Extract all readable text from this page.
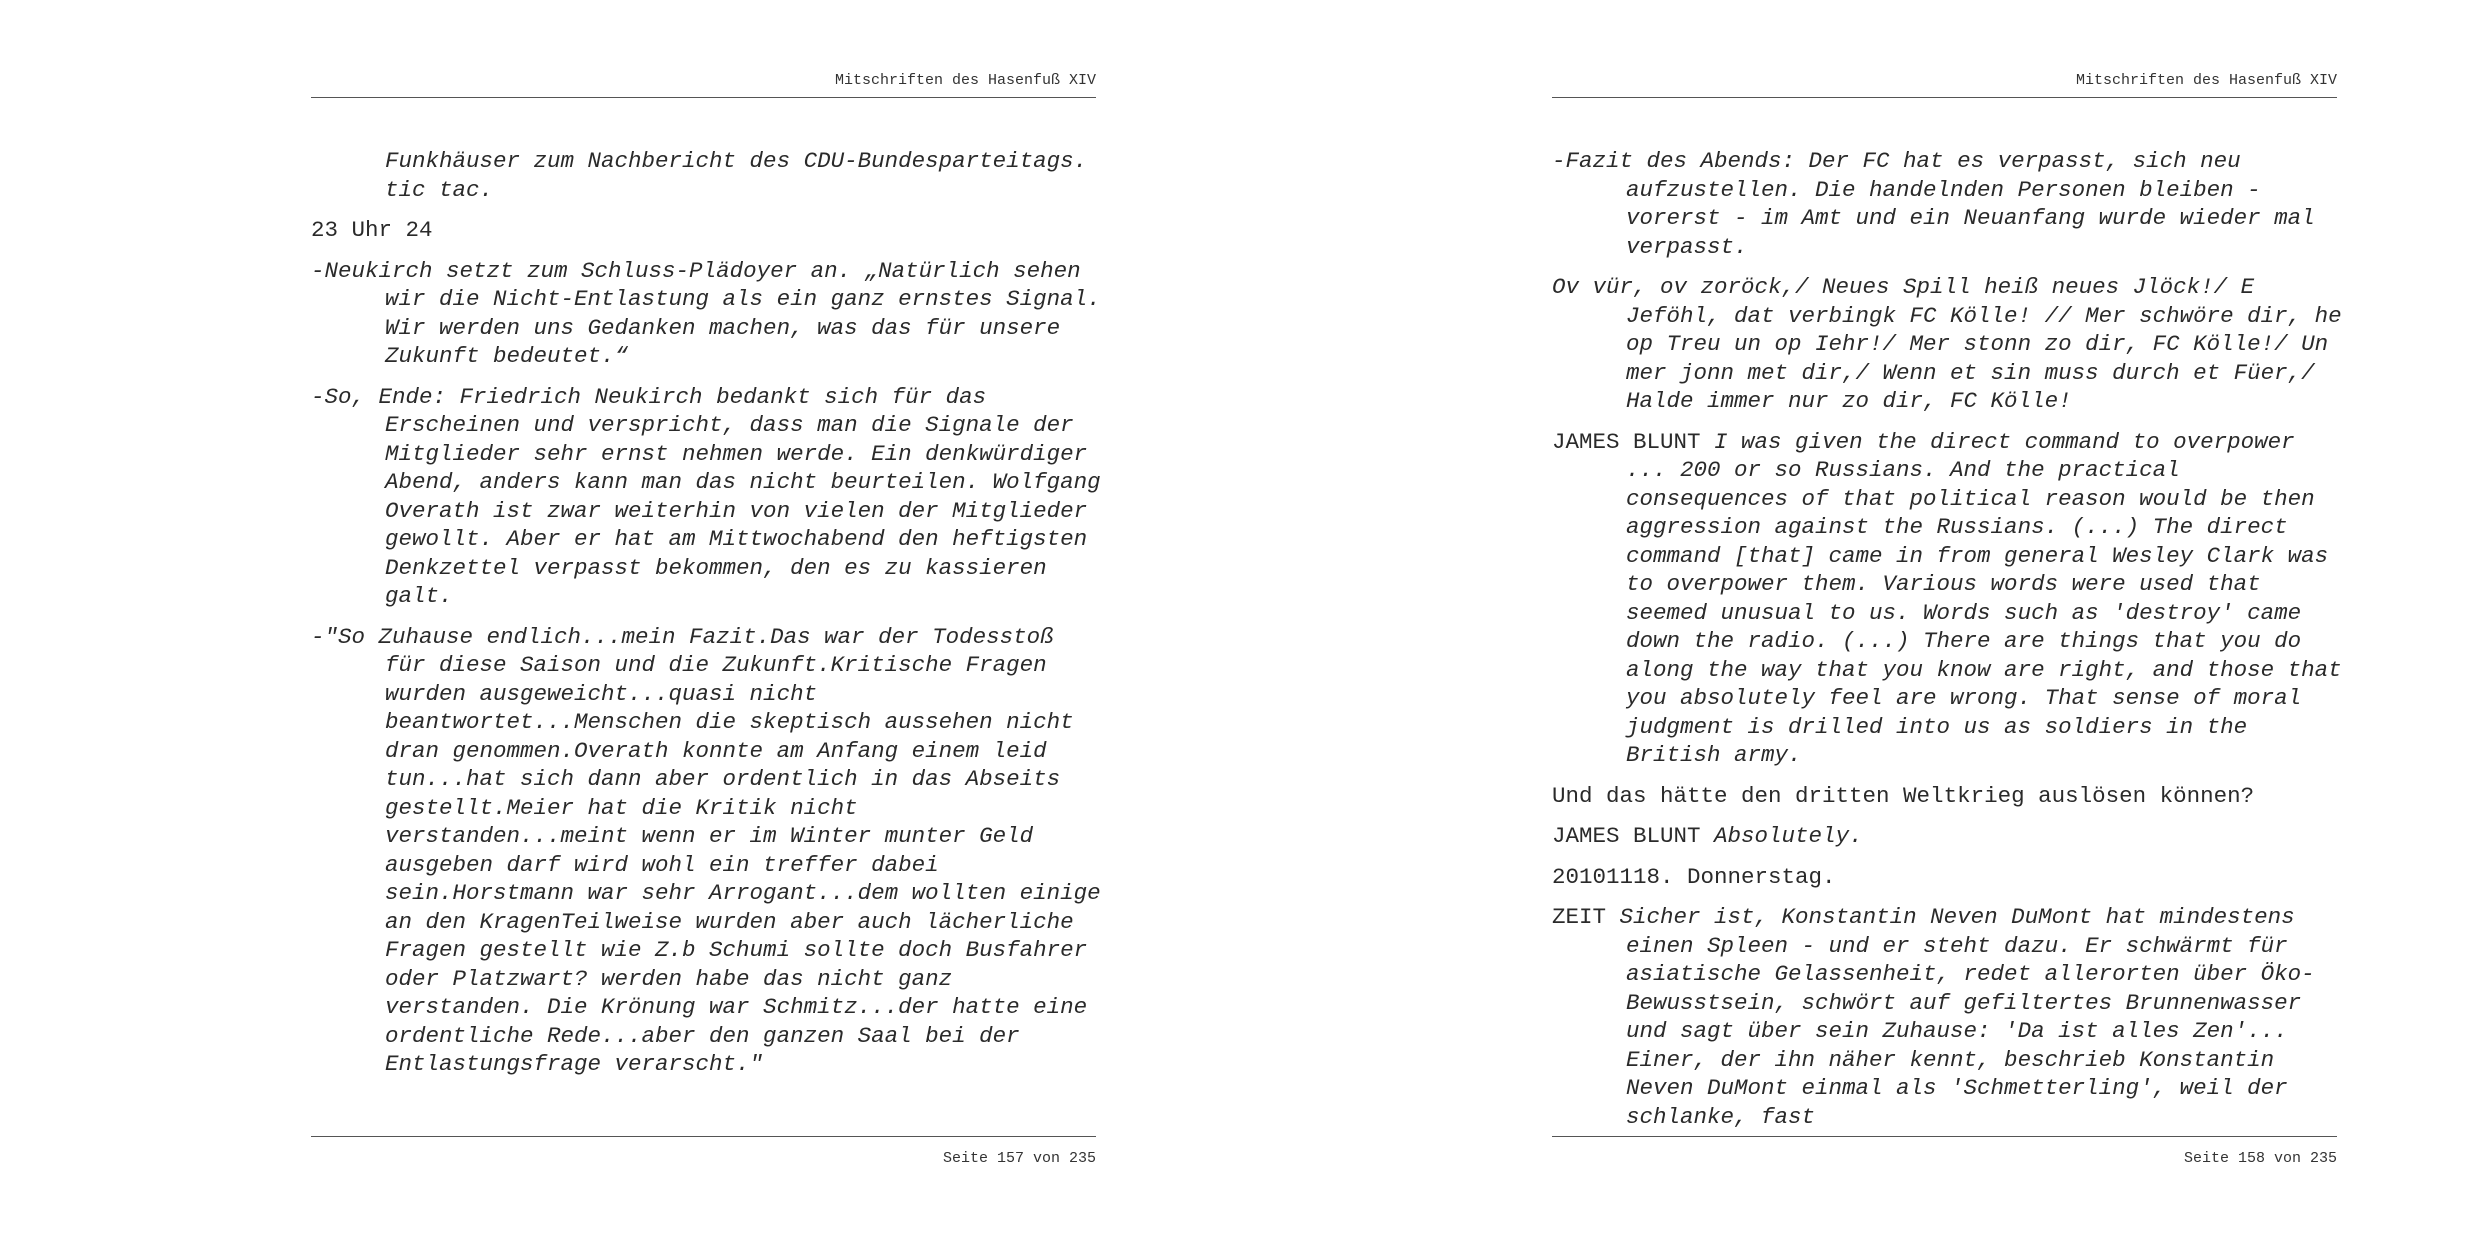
Mitschriften des Hasenfuß XIV

Funkhäuser zum Nachbericht des CDU-Bundesparteitags. tic tac.

23 Uhr 24

-Neukirch setzt zum Schluss-Plädoyer an. „Natürlich sehen wir die Nicht-Entlastung als ein ganz ernstes Signal. Wir werden uns Gedanken machen, was das für unsere Zukunft bedeutet.“

-So, Ende: Friedrich Neukirch bedankt sich für das Erscheinen und verspricht, dass man die Signale der Mitglieder sehr ernst nehmen werde. Ein denkwürdiger Abend, anders kann man das nicht beurteilen. Wolfgang Overath ist zwar weiterhin von vielen der Mitglieder gewollt. Aber er hat am Mittwochabend den heftigsten Denkzettel verpasst bekommen, den es zu kassieren galt.

-"So Zuhause endlich...mein Fazit.Das war der Todesstoß für diese Saison und die Zukunft.Kritische Fragen wurden ausgeweicht...quasi nicht beantwortet...Menschen die skeptisch aussehen nicht dran genommen.Overath konnte am Anfang einem leid tun...hat sich dann aber ordentlich in das Abseits gestellt.Meier hat die Kritik nicht verstanden...meint wenn er im Winter munter Geld ausgeben darf wird wohl ein treffer dabei sein.Horstmann war sehr Arrogant...dem wollten einige an den KragenTeilweise wurden aber auch lächerliche Fragen gestellt wie Z.b Schumi sollte doch Busfahrer oder Platzwart? werden habe das nicht ganz verstanden. Die Krönung war Schmitz...der hatte eine ordentliche Rede...aber den ganzen Saal bei der Entlastungsfrage verarscht."

Seite 157 von 235
Mitschriften des Hasenfuß XIV

-Fazit des Abends: Der FC hat es verpasst, sich neu aufzustellen. Die handelnden Personen bleiben - vorerst - im Amt und ein Neuanfang wurde wieder mal verpasst.

Ov vür, ov zoröck,/ Neues Spill heiß neues Jlöck!/ E Jeföhl, dat verbingk FC Kölle! // Mer schwöre dir, he op Treu un op Iehr!/ Mer stonn zo dir, FC Kölle!/ Un mer jonn met dir,/ Wenn et sin muss durch et Füer,/ Halde immer nur zo dir, FC Kölle!

JAMES BLUNT I was given the direct command to overpower ... 200 or so Russians. And the practical consequences of that political reason would be then aggression against the Russians. (...) The direct command [that] came in from general Wesley Clark was to overpower them. Various words were used that seemed unusual to us. Words such as 'destroy' came down the radio. (...) There are things that you do along the way that you know are right, and those that you absolutely feel are wrong. That sense of moral judgment is drilled into us as soldiers in the British army.

Und das hätte den dritten Weltkrieg auslösen können?

JAMES BLUNT Absolutely.

20101118. Donnerstag.

ZEIT Sicher ist, Konstantin Neven DuMont hat mindestens einen Spleen - und er steht dazu. Er schwärmt für asiatische Gelassenheit, redet allerorten über Öko-Bewusstsein, schwört auf gefiltertes Brunnenwasser und sagt über sein Zuhause: 'Da ist alles Zen'... Einer, der ihn näher kennt, beschrieb Konstantin Neven DuMont einmal als 'Schmetterling', weil der schlanke, fast

Seite 158 von 235
